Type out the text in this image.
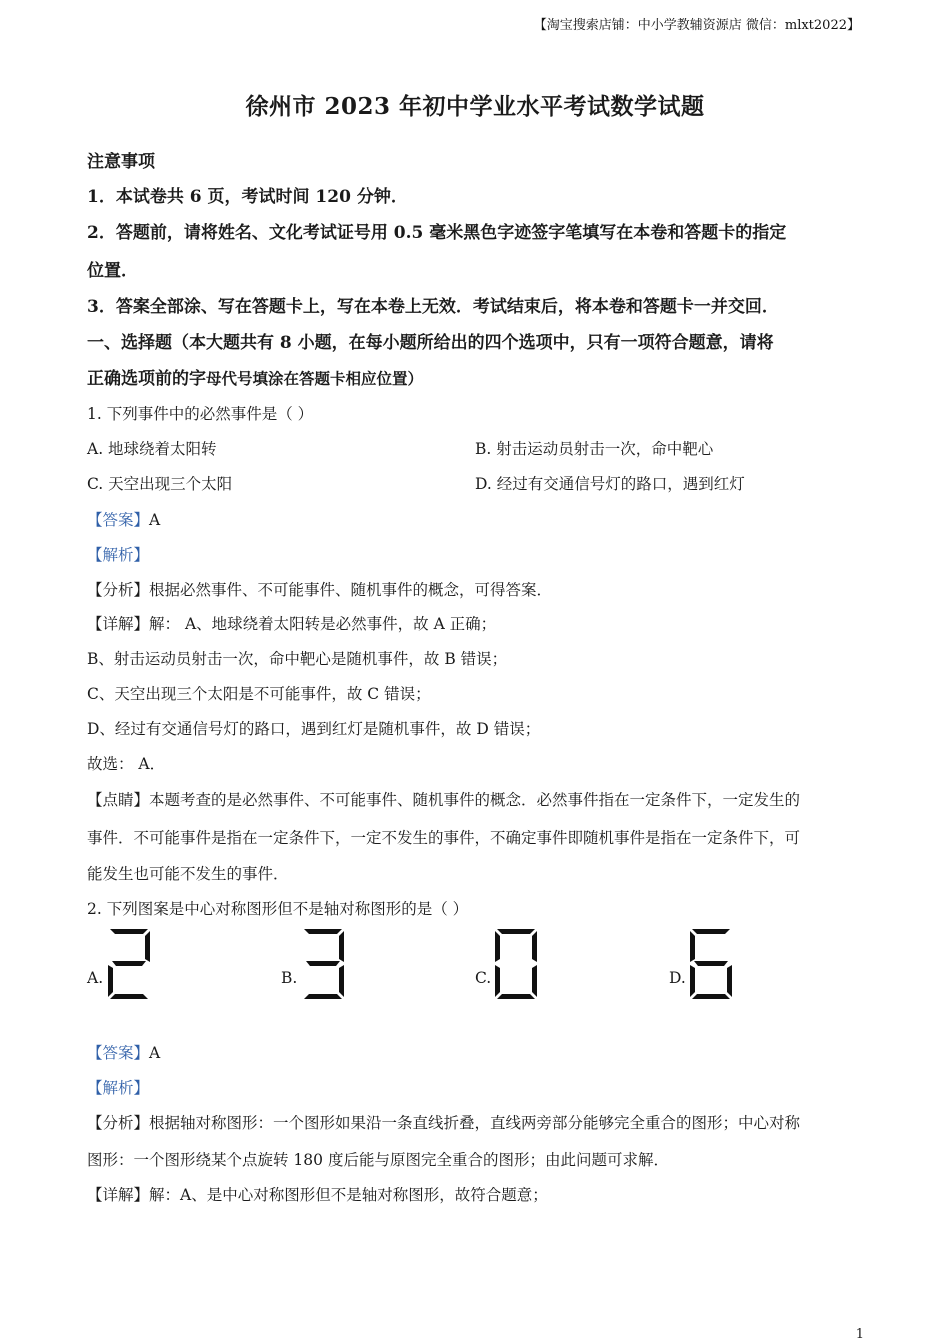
【淘宝搜索店铺：中小学教辅资源店 微信：mlxt2022】
徐州市 2023 年初中学业水平考试数学试题
注意事项
1．本试卷共 6 页，考试时间 120 分钟．
2．答题前，请将姓名、文化考试证号用 0.5 毫米黑色字迹签字笔填写在本卷和答题卡的指定
位置．
3．答案全部涂、写在答题卡上，写在本卷上无效．考试结束后，将本卷和答题卡一并交回．
一、选择题（本大题共有 8 小题，在每小题所给出的四个选项中，只有一项符合题意，请将
正确选项前的字母代号填涂在答题卡相应位置）
1. 下列事件中的必然事件是（ ）
A. 地球绕着太阳转	B. 射击运动员射击一次，命中靶心
C. 天空出现三个太阳	D. 经过有交通信号灯的路口，遇到红灯
【答案】A
【解析】
【分析】根据必然事件、不可能事件、随机事件的概念，可得答案．
【详解】解： A、地球绕着太阳转是必然事件，故 A 正确；
B、射击运动员射击一次，命中靶心是随机事件，故 B 错误；
C、天空出现三个太阳是不可能事件，故 C 错误；
D、经过有交通信号灯的路口，遇到红灯是随机事件，故 D 错误；
故选： A．
【点睛】本题考查的是必然事件、不可能事件、随机事件的概念．必然事件指在一定条件下，一定发生的
事件．不可能事件是指在一定条件下，一定不发生的事件，不确定事件即随机事件是指在一定条件下，可
能发生也可能不发生的事件．
2. 下列图案是中心对称图形但不是轴对称图形的是（ ）
A.	B.	C.	D.
【答案】A
【解析】
【分析】根据轴对称图形：一个图形如果沿一条直线折叠，直线两旁部分能够完全重合的图形；中心对称
图形：一个图形绕某个点旋转 180 度后能与原图完全重合的图形；由此问题可求解．
【详解】解：A、是中心对称图形但不是轴对称图形，故符合题意；
1
